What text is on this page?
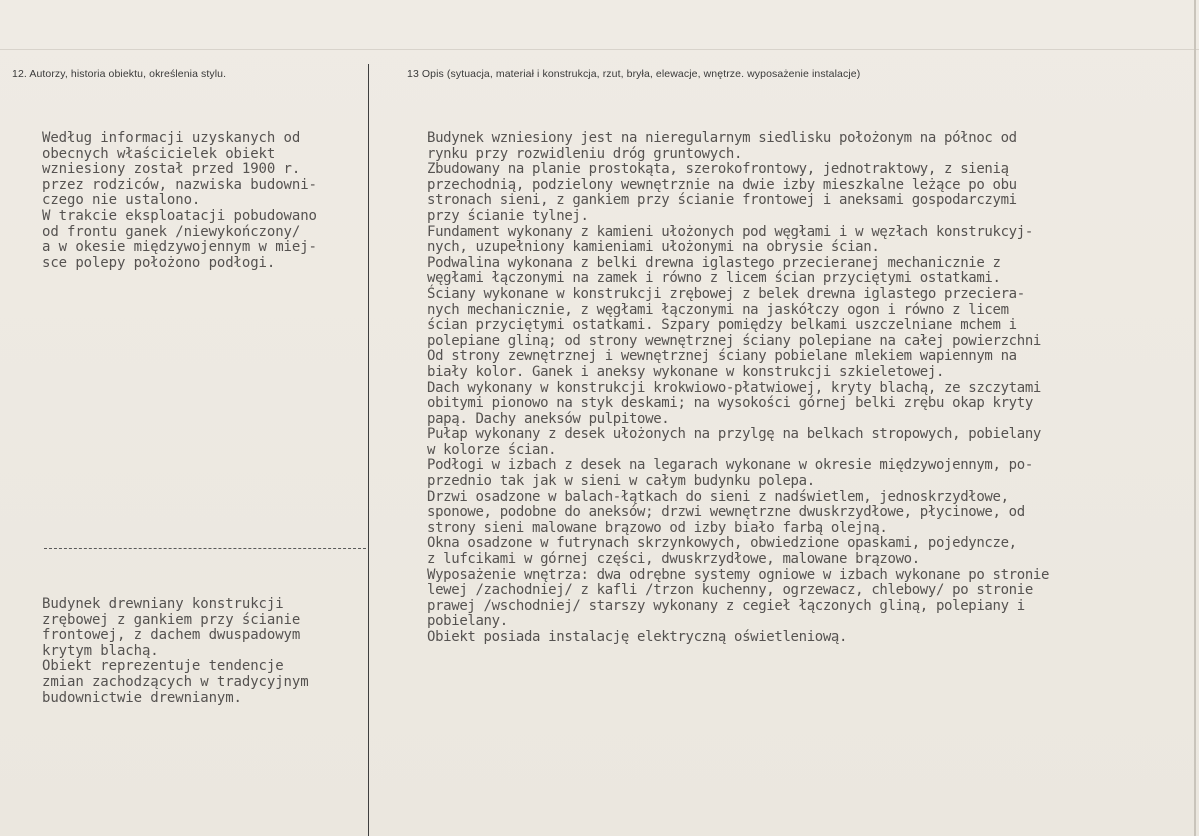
12. Autorzy, historia obiektu, określenia stylu.	13 Opis (sytuacja, materiał i konstrukcja, rzut, bryła, elewacje, wnętrze. wyposażenie instalacje)
Według informacji uzyskanych od
obecnych właścicielek obiekt
wzniesiony został przed 1900 r.
przez rodziców, nazwiska budowni-
czego nie ustalono.
W trakcie eksploatacji pobudowano
od frontu ganek /niewykończony/
a w okesie międzywojennym w miej-
sce polepy położono podłogi.
Budynek drewniany konstrukcji
zrębowej z gankiem przy ścianie
frontowej, z dachem dwuspadowym
krytym blachą.
Obiekt reprezentuje tendencje
zmian zachodzących w tradycyjnym
budownictwie drewnianym.
Budynek wzniesiony jest na nieregularnym siedlisku położonym na północ od
rynku przy rozwidleniu dróg gruntowych.
Zbudowany na planie prostokąta, szerokofrontowy, jednotraktowy, z sienią
przechodnią, podzielony wewnętrznie na dwie izby mieszkalne leżące po obu
stronach sieni, z gankiem przy ścianie frontowej i aneksami gospodarczymi
przy ścianie tylnej.
Fundament wykonany z kamieni ułożonych pod węgłami i w węzłach konstrukcyj-
nych, uzupełniony kamieniami ułożonymi na obrysie ścian.
Podwalina wykonana z belki drewna iglastego przecieranej mechanicznie z
węgłami łączonymi na zamek i równo z licem ścian przyciętymi ostatkami.
Ściany wykonane w konstrukcji zrębowej z belek drewna iglastego przeciera-
nych mechanicznie, z węgłami łączonymi na jaskółczy ogon i równo z licem
ścian przyciętymi ostatkami. Szpary pomiędzy belkami uszczelniane mchem i
polepiane gliną; od strony wewnętrznej ściany polepiane na całej powierzchni
Od strony zewnętrznej i wewnętrznej ściany pobielane mlekiem wapiennym na
biały kolor. Ganek i aneksy wykonane w konstrukcji szkieletowej.
Dach wykonany w konstrukcji krokwiowo-płatwiowej, kryty blachą, ze szczytami
obitymi pionowo na styk deskami; na wysokości górnej belki zrębu okap kryty
papą. Dachy aneksów pulpitowe.
Pułap wykonany z desek ułożonych na przylgę na belkach stropowych, pobielany
w kolorze ścian.
Podłogi w izbach z desek na legarach wykonane w okresie międzywojennym, po-
przednio tak jak w sieni w całym budynku polepa.
Drzwi osadzone w balach-łątkach do sieni z nadświetlem, jednoskrzydłowe,
sponowe, podobne do aneksów; drzwi wewnętrzne dwuskrzydłowe, płycinowe, od
strony sieni malowane brązowo od izby biało farbą olejną.
Okna osadzone w futrynach skrzynkowych, obwiedzione opaskami, pojedyncze,
z lufcikami w górnej części, dwuskrzydłowe, malowane brązowo.
Wyposażenie wnętrza: dwa odrębne systemy ogniowe w izbach wykonane po stronie
lewej /zachodniej/ z kafli /trzon kuchenny, ogrzewacz, chlebowy/ po stronie
prawej /wschodniej/ starszy wykonany z cegieł łączonych gliną, polepiany i
pobielany.
Obiekt posiada instalację elektryczną oświetleniową.
